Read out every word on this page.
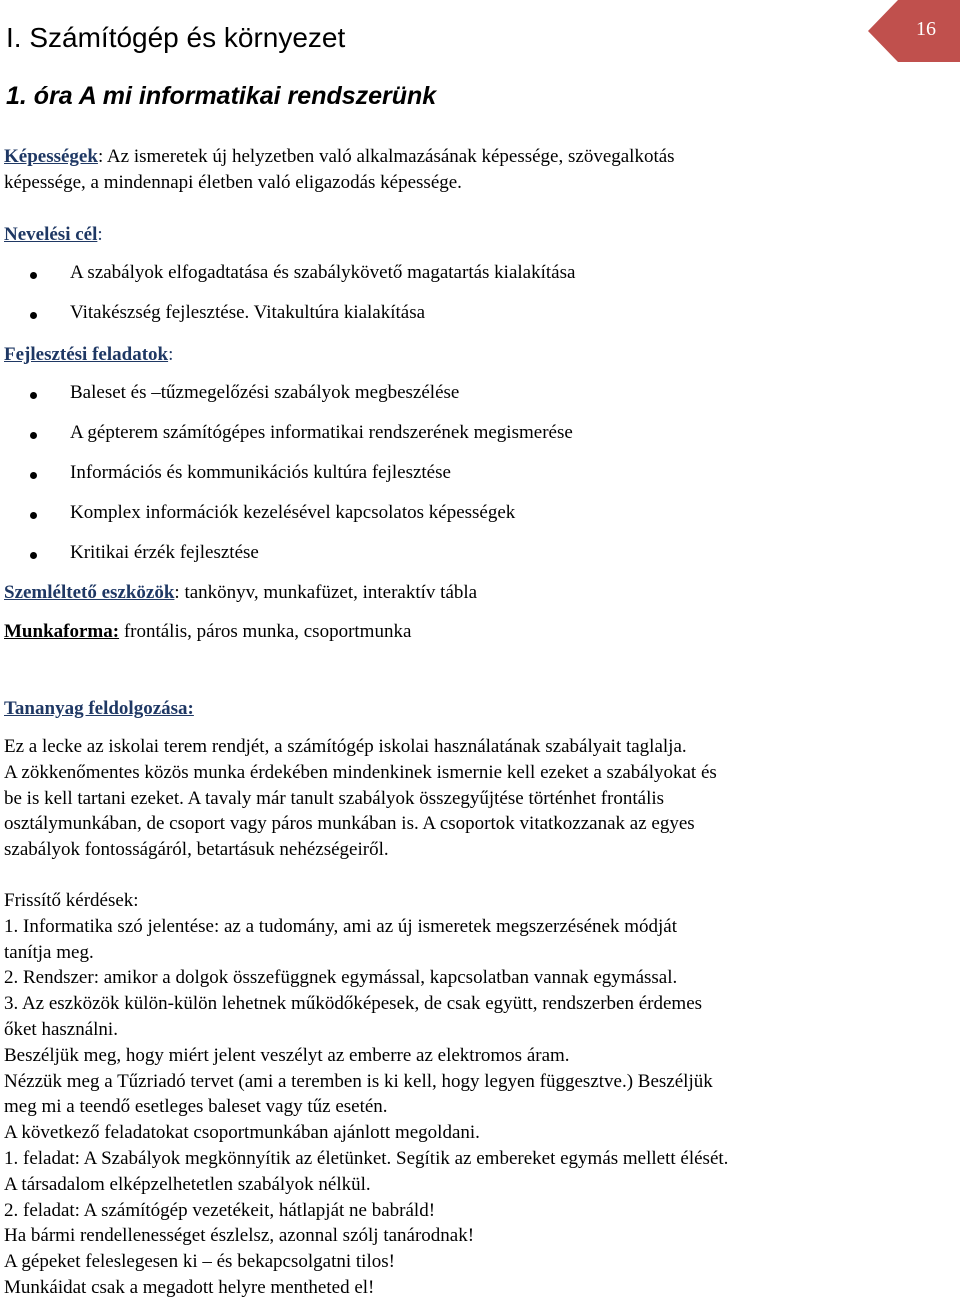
16
I. Számítógép és környezet
1. óra A mi informatikai rendszerünk
Képességek: Az ismeretek új helyzetben való alkalmazásának képessége, szövegalkotás
képessége, a mindennapi életben való eligazodás képessége.
Nevelési cél:
A szabályok elfogadtatása és szabálykövető magatartás kialakítása
Vitakészség fejlesztése. Vitakultúra kialakítása
Fejlesztési feladatok:
Baleset és –tűzmegelőzési szabályok megbeszélése
A gépterem számítógépes informatikai rendszerének megismerése
Információs és kommunikációs kultúra fejlesztése
Komplex információk kezelésével kapcsolatos képességek
Kritikai érzék fejlesztése
Szemléltető eszközök: tankönyv, munkafüzet, interaktív tábla
Munkaforma: frontális, páros munka, csoportmunka
Tananyag feldolgozása:
Ez a lecke az iskolai terem rendjét, a számítógép iskolai használatának szabályait taglalja.
A zökkenőmentes közös munka érdekében mindenkinek ismernie kell ezeket a szabályokat és
be is kell tartani ezeket. A tavaly már tanult szabályok összegyűjtése történhet frontális
osztálymunkában, de csoport vagy páros munkában is. A csoportok vitatkozzanak az egyes
szabályok fontosságáról, betartásuk nehézségeiről.
Frissítő kérdések:
1. Informatika szó jelentése: az a tudomány, ami az új ismeretek megszerzésének módját
tanítja meg.
2. Rendszer: amikor a dolgok összefüggnek egymással, kapcsolatban vannak egymással.
3. Az eszközök külön-külön lehetnek működőképesek, de csak együtt, rendszerben érdemes
őket használni.
Beszéljük meg, hogy miért jelent veszélyt az emberre az elektromos áram.
Nézzük meg a Tűzriadó tervet (ami a teremben is ki kell, hogy legyen függesztve.) Beszéljük
meg mi a teendő esetleges baleset vagy tűz esetén.
A következő feladatokat csoportmunkában ajánlott megoldani.
1. feladat: A Szabályok megkönnyítik az életünket. Segítik az embereket egymás mellett élését.
A társadalom elképzelhetetlen szabályok nélkül.
2. feladat: A számítógép vezetékeit, hátlapját ne babráld!
Ha bármi rendellenességet észlelsz, azonnal szólj tanárodnak!
A gépeket feleslegesen ki – és bekapcsolgatni tilos!
Munkáidat csak a megadott helyre mentheted el!
